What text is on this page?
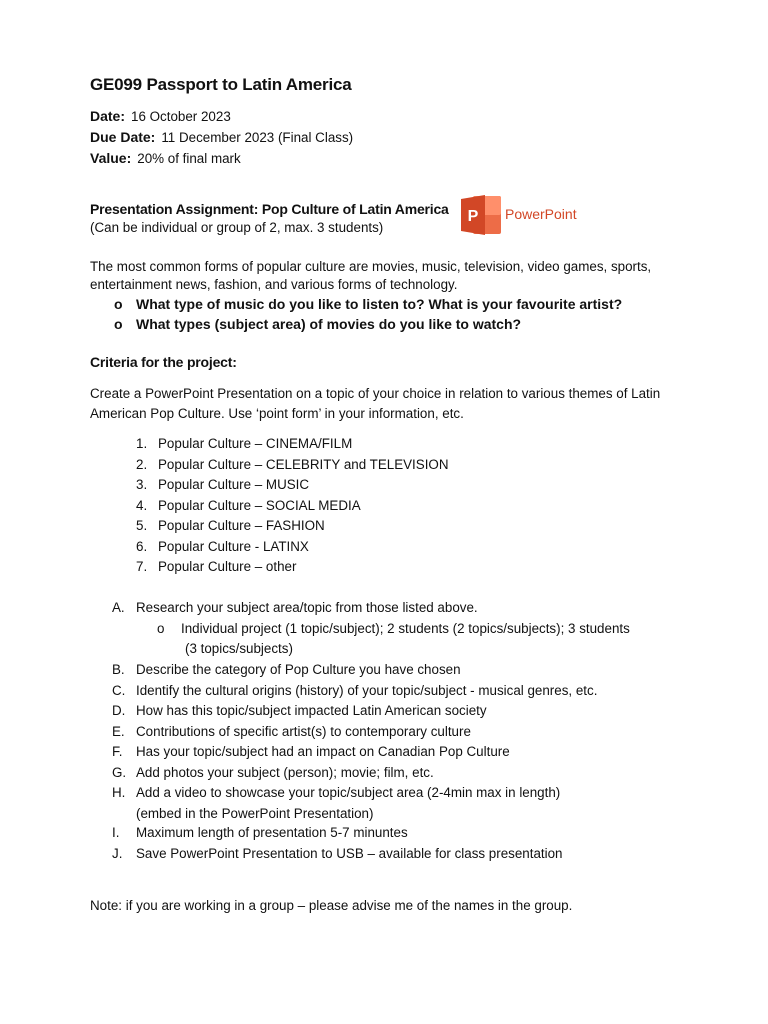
GE099 Passport to Latin America
Date: 16 October 2023
Due Date: 11 December 2023 (Final Class)
Value: 20% of final mark
Presentation Assignment: Pop Culture of Latin America
(Can be individual or group of 2, max. 3 students)
P PowerPoint
The most common forms of popular culture are movies, music, television, video games, sports,
entertainment news, fashion, and various forms of technology.
o What type of music do you like to listen to? What is your favourite artist?
o What types (subject area) of movies do you like to watch?
Criteria for the project:
Create a PowerPoint Presentation on a topic of your choice in relation to various themes of Latin
American Pop Culture. Use ‘point form’ in your information, etc.
1. Popular Culture – CINEMA/FILM
2. Popular Culture – CELEBRITY and TELEVISION
3. Popular Culture – MUSIC
4. Popular Culture – SOCIAL MEDIA
5. Popular Culture – FASHION
6. Popular Culture - LATINX
7. Popular Culture – other
A. Research your subject area/topic from those listed above.
o Individual project (1 topic/subject); 2 students (2 topics/subjects); 3 students
(3 topics/subjects)
B. Describe the category of Pop Culture you have chosen
C. Identify the cultural origins (history) of your topic/subject - musical genres, etc.
D. How has this topic/subject impacted Latin American society
E. Contributions of specific artist(s) to contemporary culture
F. Has your topic/subject had an impact on Canadian Pop Culture
G. Add photos your subject (person); movie; film, etc.
H. Add a video to showcase your topic/subject area (2-4min max in length)
(embed in the PowerPoint Presentation)
I. Maximum length of presentation 5-7 minuntes
J. Save PowerPoint Presentation to USB – available for class presentation
Note: if you are working in a group – please advise me of the names in the group.
